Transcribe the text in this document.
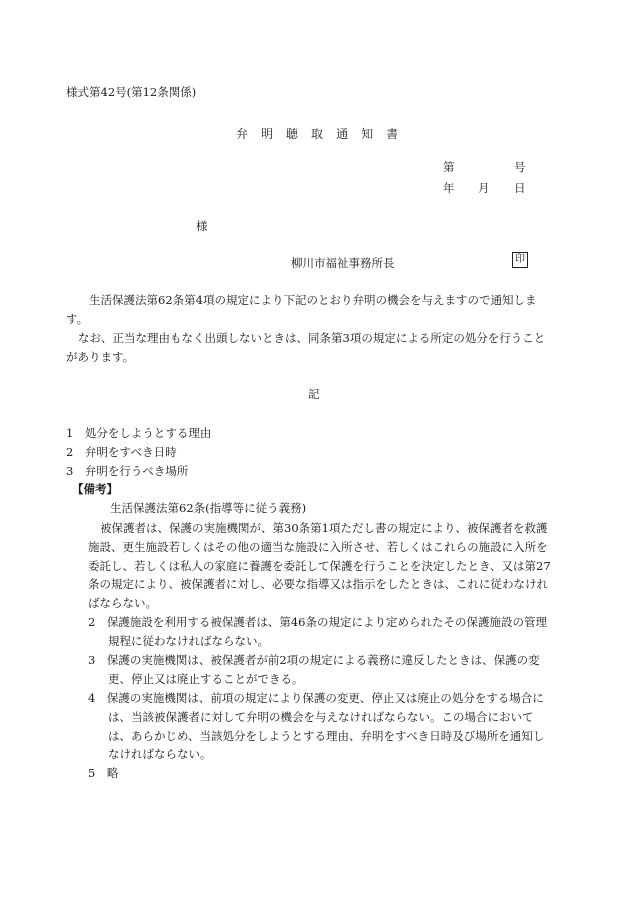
様式第42号(第12条関係)
弁 明 聴 取 通 知 書
第	号
年 月 日
様
柳川市福祉事務所長	印
生活保護法第62条第4項の規定により下記のとおり弁明の機会を与えますので通知します。
なお、正当な理由もなく出頭しないときは、同条第3項の規定による所定の処分を行うことがあります。
記
1　処分をしようとする理由
2　弁明をすべき日時
3　弁明を行うべき場所
【備考】
生活保護法第62条(指導等に従う義務)
被保護者は、保護の実施機関が、第30条第1項ただし書の規定により、被保護者を救護施設、更生施設若しくはその他の適当な施設に入所させ、若しくはこれらの施設に入所を委託し、若しくは私人の家庭に養護を委託して保護を行うことを決定したとき、又は第27条の規定により、被保護者に対し、必要な指導又は指示をしたときは、これに従わなければならない。
2　保護施設を利用する被保護者は、第46条の規定により定められたその保護施設の管理規程に従わなければならない。
3　保護の実施機関は、被保護者が前2項の規定による義務に違反したときは、保護の変更、停止又は廃止することができる。
4　保護の実施機関は、前項の規定により保護の変更、停止又は廃止の処分をする場合には、当該被保護者に対して弁明の機会を与えなければならない。この場合においては、あらかじめ、当該処分をしようとする理由、弁明をすべき日時及び場所を通知しなければならない。
5　略
